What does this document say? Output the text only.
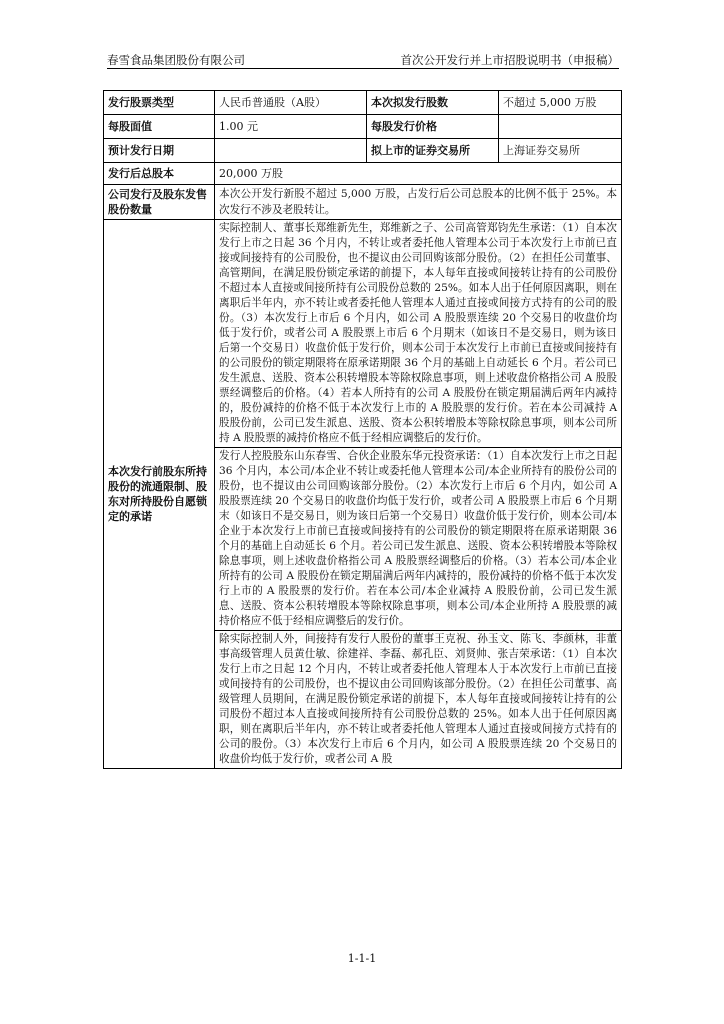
春雪食品集团股份有限公司	首次公开发行并上市招股说明书（申报稿）
发行股票类型	人民币普通股（A股）	本次拟发行股数	不超过 5,000 万股
每股面值	1.00 元	每股发行价格	
预计发行日期		拟上市的证券交易所	上海证券交易所
发行后总股本	20,000 万股		
公司发行及股东发售股份数量	本次公开发行新股不超过 5,000 万股，占发行后公司总股本的比例不低于 25%。本次发行不涉及老股转让。		
本次发行前股东所持股份的流通限制、股东对所持股份自愿锁定的承诺	实际控制人、董事长郑维新先生，郑维新之子、公司高管郑钧先生承诺：（1）自本次发行上市之日起 36 个月内，不转让或者委托他人管理本公司于本次发行上市前已直接或间接持有的公司股份，也不提议由公司回购该部分股份。（2）在担任公司董事、高管期间，在满足股份锁定承诺的前提下，本人每年直接或间接转让持有的公司股份不超过本人直接或间接所持有公司股份总数的 25%。如本人出于任何原因离职，则在离职后半年内，亦不转让或者委托他人管理本人通过直接或间接方式持有的公司的股份。（3）本次发行上市后 6 个月内，如公司 A 股股票连续 20 个交易日的收盘价均低于发行价，或者公司 A 股股票上市后 6 个月期末（如该日不是交易日，则为该日后第一个交易日）收盘价低于发行价，则本公司于本次发行上市前已直接或间接持有的公司股份的锁定期限将在原承诺期限 36 个月的基础上自动延长 6 个月。若公司已发生派息、送股、资本公积转增股本等除权除息事项，则上述收盘价格指公司 A 股股票经调整后的价格。（4）若本人所持有的公司 A 股股份在锁定期届满后两年内减持的，股份减持的价格不低于本次发行上市的 A 股股票的发行价。若在本公司减持 A 股股份前，公司已发生派息、送股、资本公积转增股本等除权除息事项，则本公司所持 A 股股票的减持价格应不低于经相应调整后的发行价。		
	发行人控股股东山东春雪、合伙企业股东华元投资承诺：（1）自本次发行上市之日起 36 个月内，本公司/本企业不转让或委托他人管理本公司/本企业所持有的股份公司的股份，也不提议由公司回购该部分股份。（2）本次发行上市后 6 个月内，如公司 A 股股票连续 20 个交易日的收盘价均低于发行价，或者公司 A 股股票上市后 6 个月期末（如该日不是交易日，则为该日后第一个交易日）收盘价低于发行价，则本公司/本企业于本次发行上市前已直接或间接持有的公司股份的锁定期限将在原承诺期限 36 个月的基础上自动延长 6 个月。若公司已发生派息、送股、资本公积转增股本等除权除息事项，则上述收盘价格指公司 A 股股票经调整后的价格。（3）若本公司/本企业所持有的公司 A 股股份在锁定期届满后两年内减持的，股份减持的价格不低于本次发行上市的 A 股股票的发行价。若在本公司/本企业减持 A 股股份前，公司已发生派息、送股、资本公积转增股本等除权除息事项，则本公司/本企业所持 A 股股票的减持价格应不低于经相应调整后的发行价。		
	除实际控制人外，间接持有发行人股份的董事王克祝、孙玉文、陈飞、李颜林，非董事高级管理人员黄仕敏、徐建祥、李磊、郝孔臣、刘贤帅、张吉荣承诺：（1）自本次发行上市之日起 12 个月内，不转让或者委托他人管理本人于本次发行上市前已直接或间接持有的公司股份，也不提议由公司回购该部分股份。（2）在担任公司董事、高级管理人员期间，在满足股份锁定承诺的前提下，本人每年直接或间接转让持有的公司股份不超过本人直接或间接所持有公司股份总数的 25%。如本人出于任何原因离职，则在离职后半年内，亦不转让或者委托他人管理本人通过直接或间接方式持有的公司的股份。（3）本次发行上市后 6 个月内，如公司 A 股股票连续 20 个交易日的收盘价均低于发行价，或者公司 A 股		
1-1-1
